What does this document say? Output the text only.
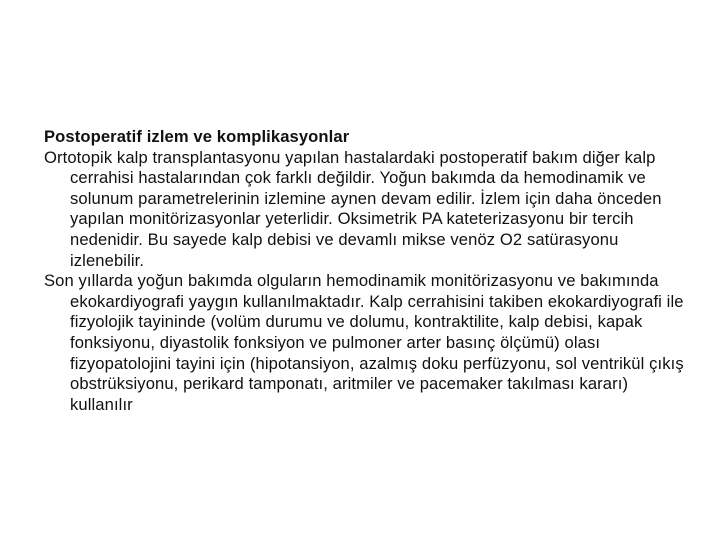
Postoperatif izlem ve komplikasyonlar

Ortotopik kalp transplantasyonu yapılan hastalardaki postoperatif bakım diğer kalp cerrahisi hastalarından çok farklı değildir. Yoğun bakımda da hemodinamik ve solunum parametrelerinin izlemine aynen devam edilir. İzlem için daha önceden yapılan monitörizasyonlar yeterlidir. Oksimetrik PA kateterizasyonu bir tercih nedenidir. Bu sayede kalp debisi ve devamlı mikse venöz O2 satürasyonu izlenebilir.

Son yıllarda yoğun bakımda olguların hemodinamik monitörizasyonu ve bakımında ekokardiyografi yaygın kullanılmaktadır. Kalp cerrahisini takiben ekokardiyografi ile fizyolojik tayininde (volüm durumu ve dolumu, kontraktilite, kalp debisi, kapak fonksiyonu, diyastolik fonksiyon ve pulmoner arter basınç ölçümü) olası fizyopatolojini tayini için (hipotansiyon, azalmış doku perfüzyonu, sol ventrikül çıkış obstrüksiyonu, perikard tamponatı, aritmiler ve pacemaker takılması kararı) kullanılır
